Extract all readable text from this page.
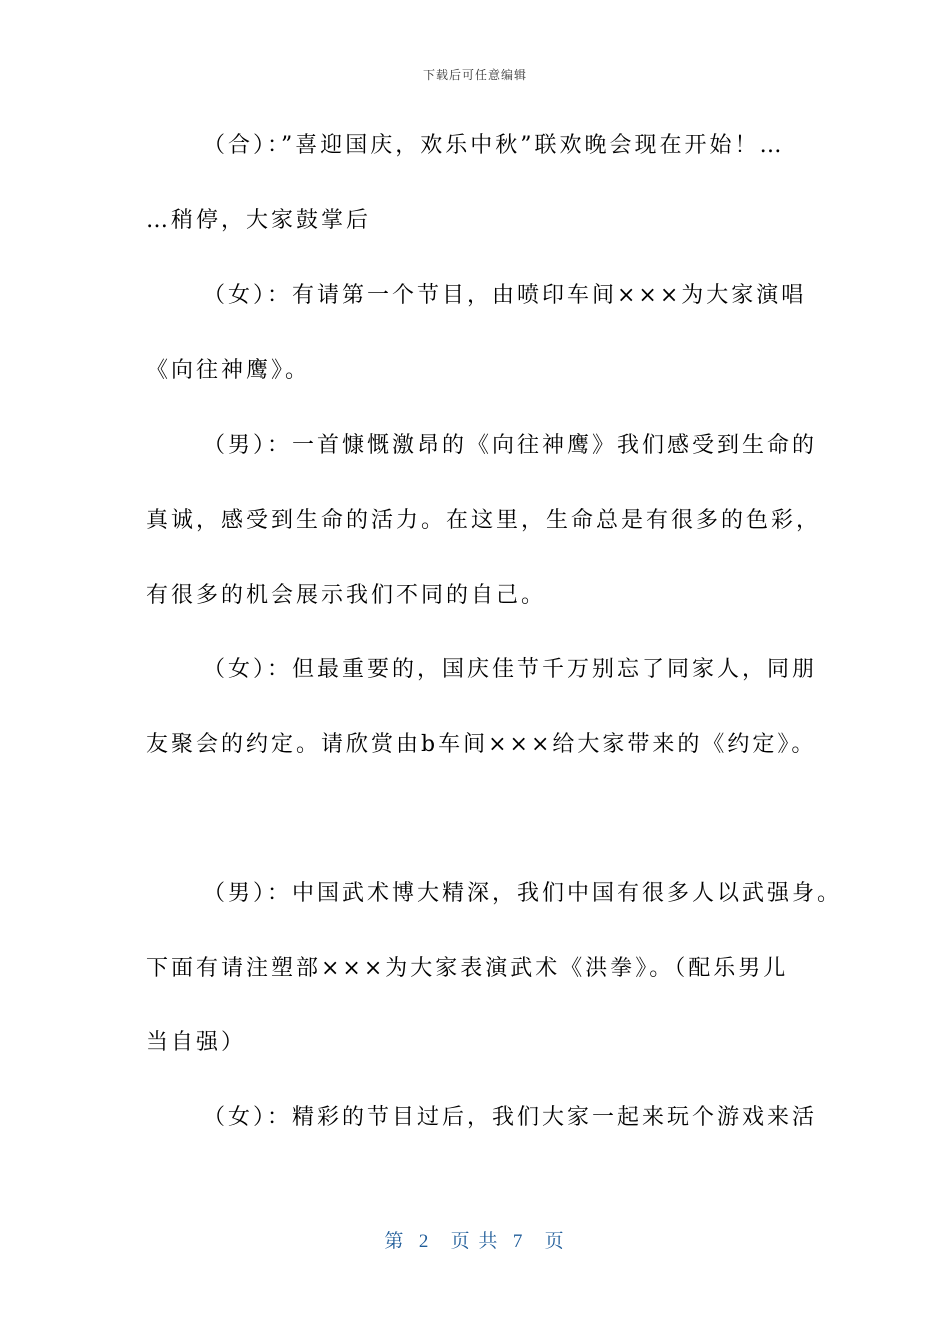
下载后可任意编辑
（合）：”喜迎国庆，欢乐中秋”联欢晚会现在开始！…
…稍停，大家鼓掌后
（女）：有请第一个节目，由喷印车间×××为大家演唱
《向往神鹰》。
（男）：一首慷慨激昂的《向往神鹰》我们感受到生命的
真诚，感受到生命的活力。在这里，生命总是有很多的色彩，
有很多的机会展示我们不同的自己。
（女）：但最重要的，国庆佳节千万别忘了同家人，同朋
友聚会的约定。请欣赏由b车间×××给大家带来的《约定》。
（男）：中国武术博大精深，我们中国有很多人以武强身。
下面有请注塑部×××为大家表演武术《洪拳》。（配乐男儿
当自强）
（女）：精彩的节目过后，我们大家一起来玩个游戏来活
第  2   页 共  7   页
